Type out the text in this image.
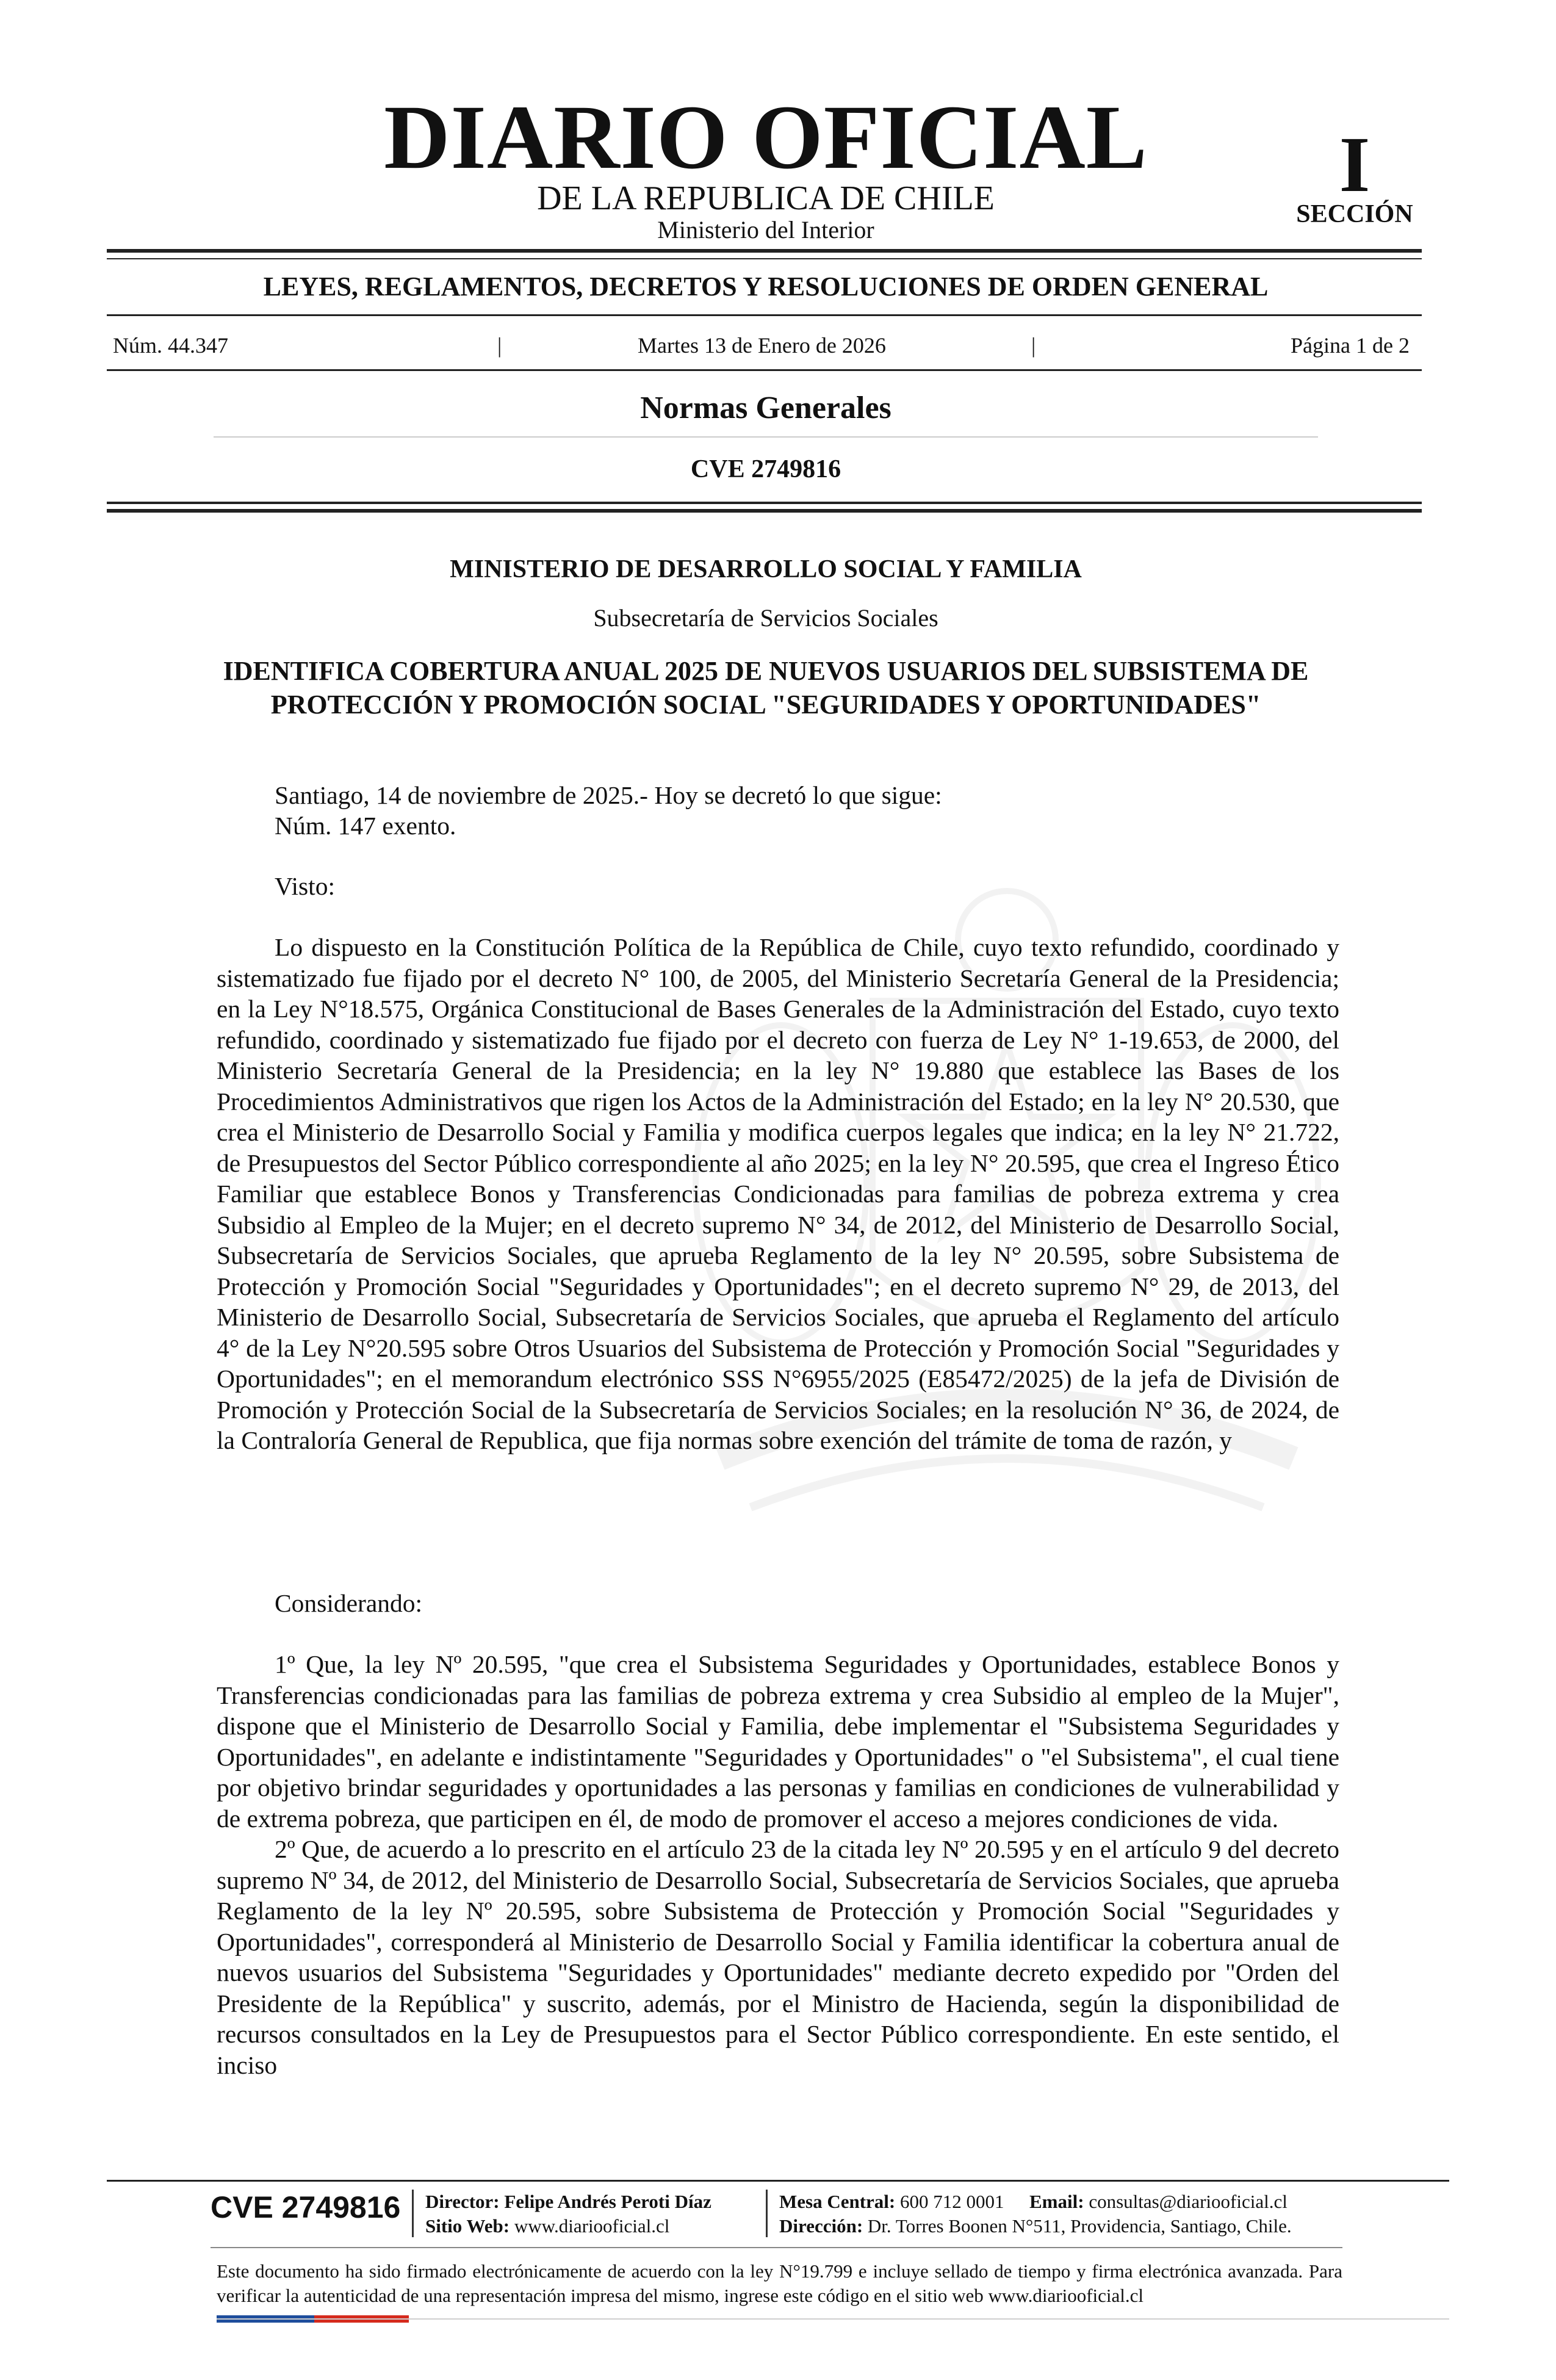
DIARIO OFICIAL
DE LA REPUBLICA DE CHILE
Ministerio del Interior
I
SECCIÓN
LEYES, REGLAMENTOS, DECRETOS Y RESOLUCIONES DE ORDEN GENERAL
Núm. 44.347	|	Martes 13 de Enero de 2026	|	Página 1 de 2
Normas Generales
CVE 2749816
MINISTERIO DE DESARROLLO SOCIAL Y FAMILIA
Subsecretaría de Servicios Sociales
IDENTIFICA COBERTURA ANUAL 2025 DE NUEVOS USUARIOS DEL SUBSISTEMA DE PROTECCIÓN Y PROMOCIÓN SOCIAL "SEGURIDADES Y OPORTUNIDADES"
Santiago, 14 de noviembre de 2025.- Hoy se decretó lo que sigue:
Núm. 147 exento.
Visto:

Lo dispuesto en la Constitución Política de la República de Chile, cuyo texto refundido, coordinado y sistematizado fue fijado por el decreto N° 100, de 2005, del Ministerio Secretaría General de la Presidencia; en la Ley N°18.575, Orgánica Constitucional de Bases Generales de la Administración del Estado, cuyo texto refundido, coordinado y sistematizado fue fijado por el decreto con fuerza de Ley N° 1-19.653, de 2000, del Ministerio Secretaría General de la Presidencia; en la ley N° 19.880 que establece las Bases de los Procedimientos Administrativos que rigen los Actos de la Administración del Estado; en la ley N° 20.530, que crea el Ministerio de Desarrollo Social y Familia y modifica cuerpos legales que indica; en la ley N° 21.722, de Presupuestos del Sector Público correspondiente al año 2025; en la ley N° 20.595, que crea el Ingreso Ético Familiar que establece Bonos y Transferencias Condicionadas para familias de pobreza extrema y crea Subsidio al Empleo de la Mujer; en el decreto supremo N° 34, de 2012, del Ministerio de Desarrollo Social, Subsecretaría de Servicios Sociales, que aprueba Reglamento de la ley N° 20.595, sobre Subsistema de Protección y Promoción Social "Seguridades y Oportunidades"; en el decreto supremo N° 29, de 2013, del Ministerio de Desarrollo Social, Subsecretaría de Servicios Sociales, que aprueba el Reglamento del artículo 4° de la Ley N°20.595 sobre Otros Usuarios del Subsistema de Protección y Promoción Social "Seguridades y Oportunidades"; en el memorandum electrónico SSS N°6955/2025 (E85472/2025) de la jefa de División de Promoción y Protección Social de la Subsecretaría de Servicios Sociales; en la resolución N° 36, de 2024, de la Contraloría General de Republica, que fija normas sobre exención del trámite de toma de razón, y

Considerando:

1º Que, la ley Nº 20.595, "que crea el Subsistema Seguridades y Oportunidades, establece Bonos y Transferencias condicionadas para las familias de pobreza extrema y crea Subsidio al empleo de la Mujer", dispone que el Ministerio de Desarrollo Social y Familia, debe implementar el "Subsistema Seguridades y Oportunidades", en adelante e indistintamente "Seguridades y Oportunidades" o "el Subsistema", el cual tiene por objetivo brindar seguridades y oportunidades a las personas y familias en condiciones de vulnerabilidad y de extrema pobreza, que participen en él, de modo de promover el acceso a mejores condiciones de vida.

2º Que, de acuerdo a lo prescrito en el artículo 23 de la citada ley Nº 20.595 y en el artículo 9 del decreto supremo Nº 34, de 2012, del Ministerio de Desarrollo Social, Subsecretaría de Servicios Sociales, que aprueba Reglamento de la ley Nº 20.595, sobre Subsistema de Protección y Promoción Social "Seguridades y Oportunidades", corresponderá al Ministerio de Desarrollo Social y Familia identificar la cobertura anual de nuevos usuarios del Subsistema "Seguridades y Oportunidades" mediante decreto expedido por "Orden del Presidente de la República" y suscrito, además, por el Ministro de Hacienda, según la disponibilidad de recursos consultados en la Ley de Presupuestos para el Sector Público correspondiente. En este sentido, el inciso

CVE 2749816 Director: Felipe Andrés Peroti Díaz
Sitio Web: www.diariooficial.cl
Mesa Central: 600 712 0001 Email: consultas@diariooficial.cl
Dirección: Dr. Torres Boonen N°511, Providencia, Santiago, Chile.
Este documento ha sido firmado electrónicamente de acuerdo con la ley N°19.799 e incluye sellado de tiempo y firma electrónica avanzada. Para verificar la autenticidad de una representación impresa del mismo, ingrese este código en el sitio web www.diariooficial.cl
